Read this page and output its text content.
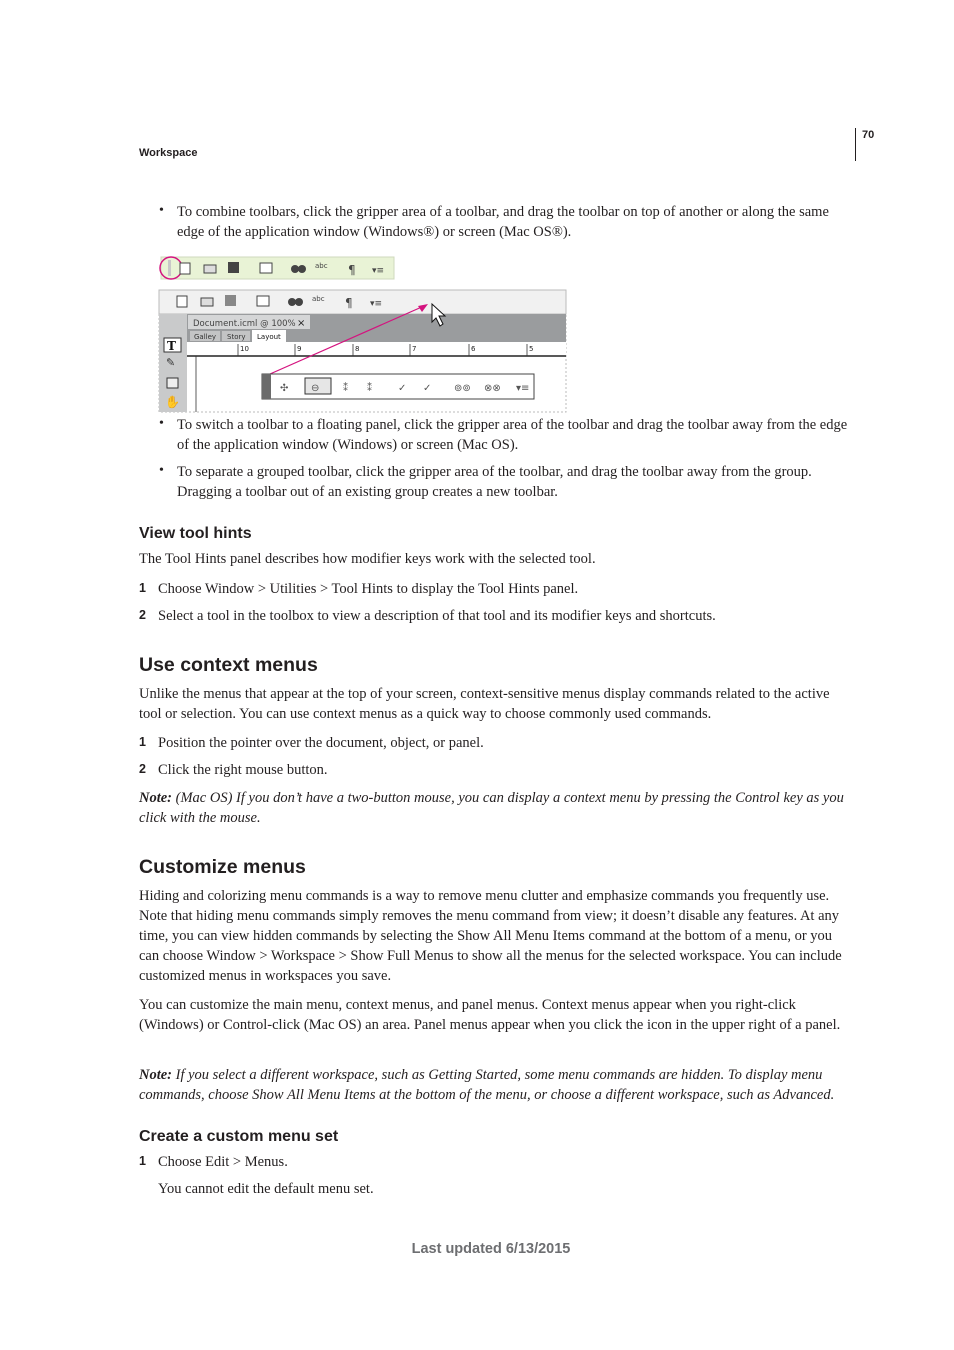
70
Workspace
• To combine toolbars, click the gripper area of a toolbar, and drag the toolbar on top of another or along the same edge of the application window (Windows®) or screen (Mac OS®).
abc ¶ ▾≡
abc ¶ ▾≡
Document.icml @ 100% ×
Galley Story Layout
10	9	8	7	6	5
T
✎
✋
✣ ⊖ ⁑ ⁑	✓ ✓ ⊚⊚ ⊗⊗ ▾≡
• To switch a toolbar to a floating panel, click the gripper area of the toolbar and drag the toolbar away from the edge of the application window (Windows) or screen (Mac OS).
• To separate a grouped toolbar, click the gripper area of the toolbar, and drag the toolbar away from the group. Dragging a toolbar out of an existing group creates a new toolbar.
View tool hints
The Tool Hints panel describes how modifier keys work with the selected tool.
1 Choose Window > Utilities > Tool Hints to display the Tool Hints panel.
2 Select a tool in the toolbox to view a description of that tool and its modifier keys and shortcuts.
Use context menus
Unlike the menus that appear at the top of your screen, context-sensitive menus display commands related to the active tool or selection. You can use context menus as a quick way to choose commonly used commands.
1 Position the pointer over the document, object, or panel.
2 Click the right mouse button.
Note: (Mac OS) If you don’t have a two-button mouse, you can display a context menu by pressing the Control key as you click with the mouse.
Customize menus
Hiding and colorizing menu commands is a way to remove menu clutter and emphasize commands you frequently use. Note that hiding menu commands simply removes the menu command from view; it doesn’t disable any features. At any time, you can view hidden commands by selecting the Show All Menu Items command at the bottom of a menu, or you can choose Window > Workspace > Show Full Menus to show all the menus for the selected workspace. You can include customized menus in workspaces you save.
You can customize the main menu, context menus, and panel menus. Context menus appear when you right-click (Windows) or Control-click (Mac OS) an area. Panel menus appear when you click the icon in the upper right of a panel.
Note: If you select a different workspace, such as Getting Started, some menu commands are hidden. To display menu commands, choose Show All Menu Items at the bottom of the menu, or choose a different workspace, such as Advanced.
Create a custom menu set
1 Choose Edit > Menus.
You cannot edit the default menu set.
Last updated 6/13/2015
